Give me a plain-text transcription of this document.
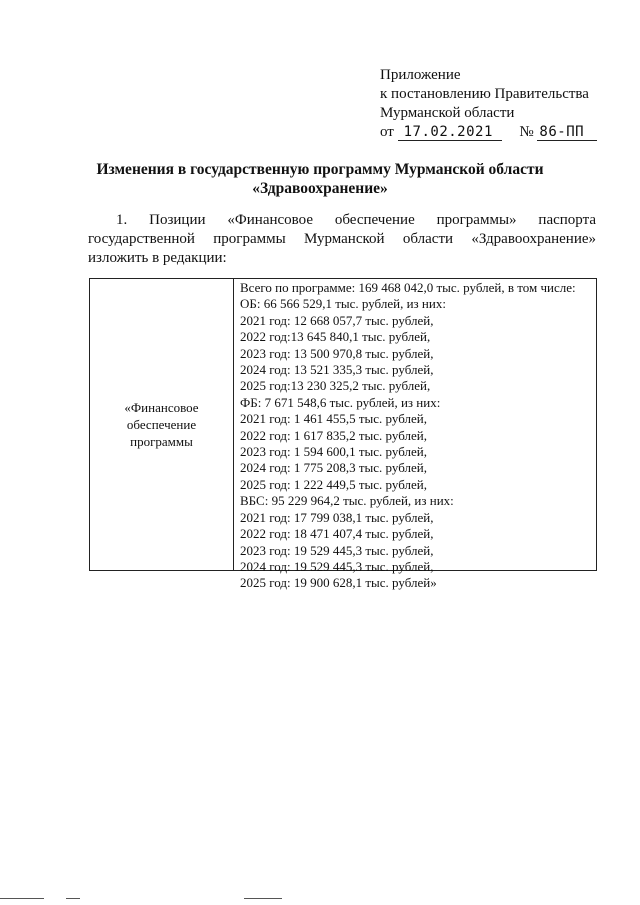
Приложение
к постановлению Правительства
Мурманской области
от 17.02.2021 № 86-ПП
Изменения в государственную программу Мурманской области
«Здравоохранение»
1. Позиции «Финансовое обеспечение программы» паспорта
государственной программы Мурманской области «Здравоохранение»
изложить в редакции:
«Финансовое
обеспечение
программы
Всего по программе: 169 468 042,0 тыс. рублей, в том числе:
ОБ: 66 566 529,1 тыс. рублей, из них:
2021 год: 12 668 057,7 тыс. рублей,
2022 год:13 645 840,1 тыс. рублей,
2023 год: 13 500 970,8 тыс. рублей,
2024 год: 13 521 335,3 тыс. рублей,
2025 год:13 230 325,2 тыс. рублей,
ФБ: 7 671 548,6 тыс. рублей, из них:
2021 год: 1 461 455,5 тыс. рублей,
2022 год: 1 617 835,2 тыс. рублей,
2023 год: 1 594 600,1 тыс. рублей,
2024 год: 1 775 208,3 тыс. рублей,
2025 год: 1 222 449,5 тыс. рублей,
ВБС: 95 229 964,2 тыс. рублей, из них:
2021 год: 17 799 038,1 тыс. рублей,
2022 год: 18 471 407,4 тыс. рублей,
2023 год: 19 529 445,3 тыс. рублей,
2024 год: 19 529 445,3 тыс. рублей,
2025 год: 19 900 628,1 тыс. рублей»
